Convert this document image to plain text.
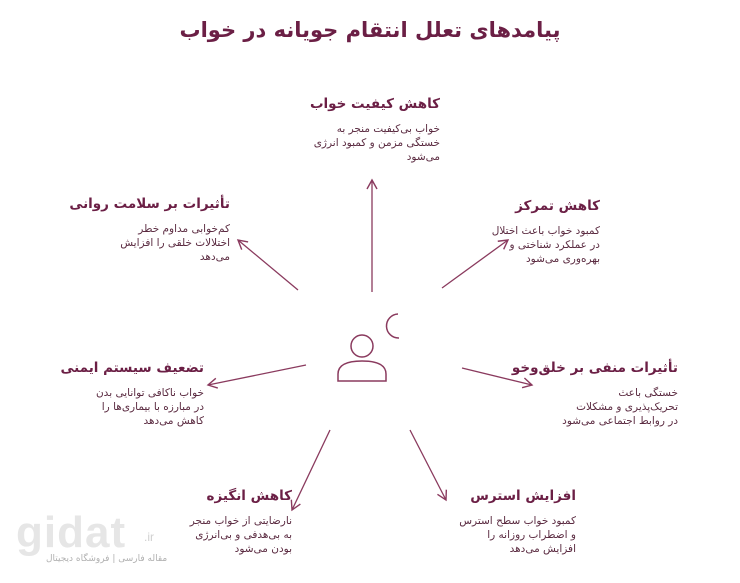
پیامدهای تعلل انتقام جویانه در خواب
کاهش کیفیت خواب
خواب بی‌کیفیت منجر به
خستگی مزمن و کمبود انرژی
می‌شود
کاهش تمرکز
کمبود خواب باعث اختلال
در عملکرد شناختی و
بهره‌وری می‌شود
تأثیرات منفی بر خلق‌وخو
خستگی باعث
تحریک‌پذیری و مشکلات
در روابط اجتماعی می‌شود
افزایش استرس
کمبود خواب سطح استرس
و اضطراب روزانه را
افزایش می‌دهد
کاهش انگیزه
نارضایتی از خواب منجر
به بی‌هدفی و بی‌انرژی
بودن می‌شود
تضعیف سیستم ایمنی
خواب ناکافی توانایی بدن
در مبارزه با بیماری‌ها را
کاهش می‌دهد
تأثیرات بر سلامت روانی
کم‌خوابی مداوم خطر
اختلالات خلقی را افزایش
می‌دهد
gidat .ir
مقاله فارسی | فروشگاه دیجیتال
